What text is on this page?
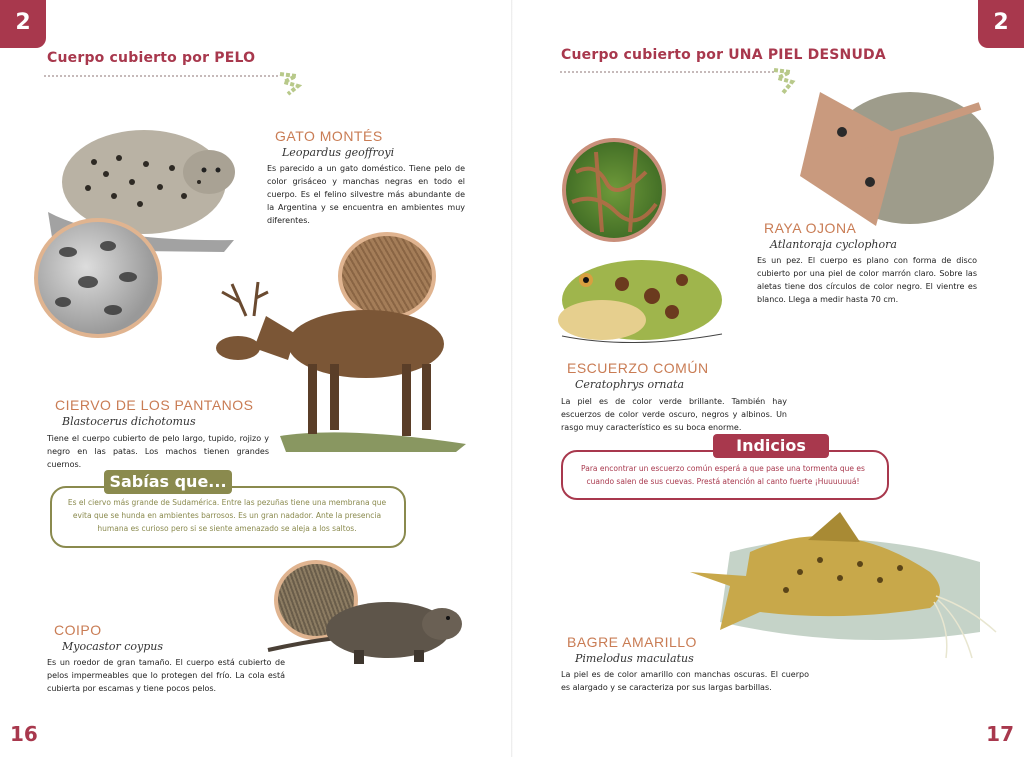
2
Cuerpo cubierto por PELO
GATO MONTÉS
Leopardus geoffroyi
Es parecido a un gato doméstico. Tiene pelo de color grisáceo y manchas negras en todo el cuerpo. Es el felino silvestre más abundante de la Argentina y se encuentra en ambientes muy diferentes.
CIERVO DE LOS PANTANOS
Blastocerus dichotomus
Tiene el cuerpo cubierto de pelo largo, tupido, rojizo y negro en las patas. Los machos tienen grandes cuernos.
Sabías que...
Es el ciervo más grande de Sudamérica. Entre las pezuñas tiene una membrana que evita que se hunda en ambientes barrosos. Es un gran nadador. Ante la presencia humana es curioso pero si se siente amenazado se aleja a los saltos.
COIPO
Myocastor coypus
Es un roedor de gran tamaño. El cuerpo está cubierto de pelos impermeables que lo protegen del frío. La cola está cubierta por escamas y tiene pocos pelos.
16
2
Cuerpo cubierto por UNA PIEL DESNUDA
RAYA OJONA
Atlantoraja cyclophora
Es un pez. El cuerpo es plano con forma de disco cubierto por una piel de color marrón claro. Sobre las aletas tiene dos círculos de color negro. El vientre es blanco. Llega a medir hasta 70 cm.
ESCUERZO COMÚN
Ceratophrys ornata
La piel es de color verde brillante. También hay escuerzos de color verde oscuro, negros y albinos. Un rasgo muy característico es su boca enorme.
Indicios
Para encontrar un escuerzo común esperá a que pase una tormenta que es cuando salen de sus cuevas. Prestá atención al canto fuerte ¡Huuuuuuá!
BAGRE AMARILLO
Pimelodus maculatus
La piel es de color amarillo con manchas oscuras. El cuerpo es alargado y se caracteriza por sus largas barbillas.
17
